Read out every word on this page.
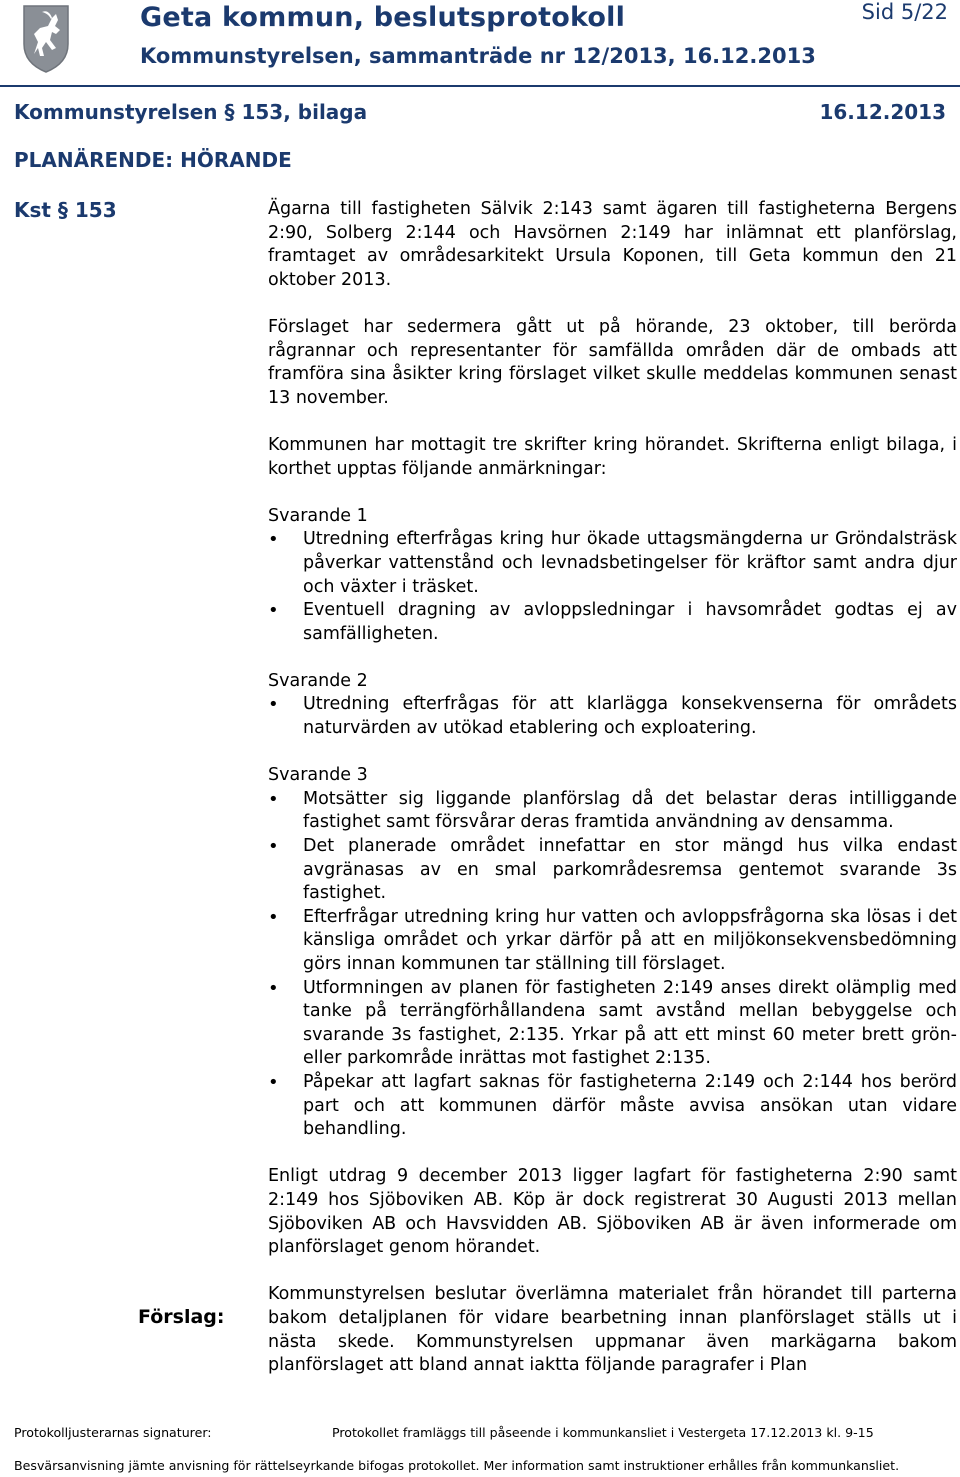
Geta kommun, beslutsprotokoll	Sid 5/22
Kommunstyrelsen, sammanträde nr 12/2013, 16.12.2013
Kommunstyrelsen § 153, bilaga	16.12.2013
PLANÄRENDE: HÖRANDE
Kst § 153	Ägarna till fastigheten Sälvik 2:143 samt ägaren till fastigheterna Bergens 2:90, Solberg 2:144 och Havsörnen 2:149 har inlämnat ett planförslag, framtaget av områdesarkitekt Ursula Koponen, till Geta kommun den 21 oktober 2013.

Förslaget har sedermera gått ut på hörande, 23 oktober, till berörda rågrannar och representanter för samfällda områden där de ombads att framföra sina åsikter kring förslaget vilket skulle meddelas kommunen senast 13 november.

Kommunen har mottagit tre skrifter kring hörandet. Skrifterna enligt bilaga, i korthet upptas följande anmärkningar:

Svarande 1
• Utredning efterfrågas kring hur ökade uttagsmängderna ur Gröndalsträsk påverkar vattenstånd och levnadsbetingelser för kräftor samt andra djur och växter i träsket.
• Eventuell dragning av avloppsledningar i havsområdet godtas ej av samfälligheten.
Svarande 2
• Utredning efterfrågas för att klarlägga konsekvenserna för områdets naturvärden av utökad etablering och exploatering.
Svarande 3
• Motsätter sig liggande planförslag då det belastar deras intilliggande fastighet samt försvårar deras framtida användning av densamma.
• Det planerade området innefattar en stor mängd hus vilka endast avgränasas av en smal parkområdesremsa gentemot svarande 3s fastighet.
• Efterfrågar utredning kring hur vatten och avloppsfrågorna ska lösas i det känsliga området och yrkar därför på att en miljökonsekvensbedömning görs innan kommunen tar ställning till förslaget.
• Utformningen av planen för fastigheten 2:149 anses direkt olämplig med tanke på terrängförhållandena samt avstånd mellan bebyggelse och svarande 3s fastighet, 2:135. Yrkar på att ett minst 60 meter brett grön- eller parkområde inrättas mot fastighet 2:135.
• Påpekar att lagfart saknas för fastigheterna 2:149 och 2:144 hos berörd part och att kommunen därför måste avvisa ansökan utan vidare behandling.

Enligt utdrag 9 december 2013 ligger lagfart för fastigheterna 2:90 samt 2:149 hos Sjöboviken AB. Köp är dock registrerat 30 Augusti 2013 mellan Sjöboviken AB och Havsvidden AB. Sjöboviken AB är även informerade om planförslaget genom hörandet.

Kommunstyrelsen beslutar överlämna materialet från hörandet till parterna bakom detaljplanen för vidare bearbetning innan planförslaget ställs ut i nästa skede. Kommunstyrelsen uppmanar även markägarna bakom planförslaget att bland annat iaktta följande paragrafer i Plan

Förslag:
Protokolljusterarnas signaturer:	Protokollet framläggs till påseende i kommunkansliet i Vestergeta 17.12.2013 kl. 9-15
Besvärsanvisning jämte anvisning för rättelseyrkande bifogas protokollet. Mer information samt instruktioner erhålles från kommunkansliet.
